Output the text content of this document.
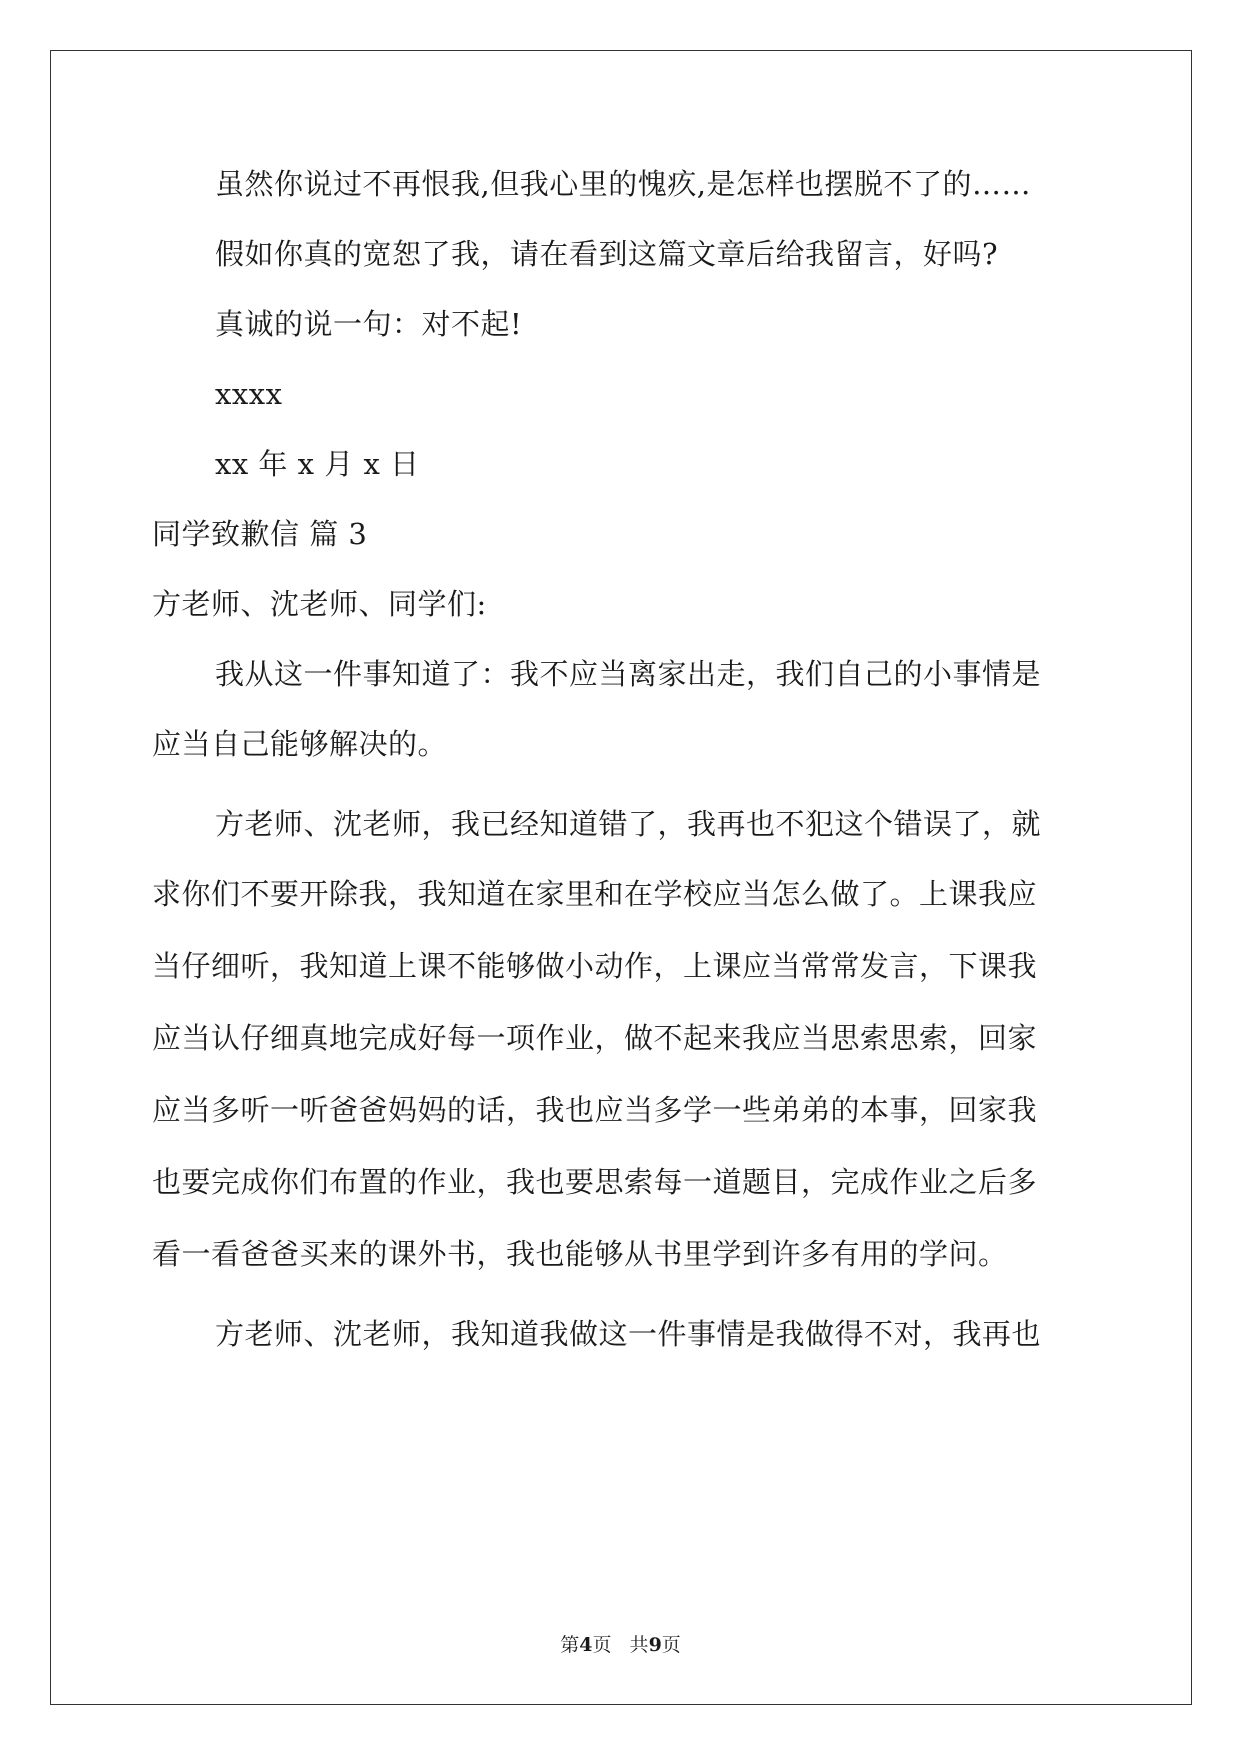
虽然你说过不再恨我,但我心里的愧疚,是怎样也摆脱不了的……
假如你真的宽恕了我，请在看到这篇文章后给我留言，好吗?
真诚的说一句：对不起!
xxxx
xx 年 x 月 x 日
同学致歉信 篇 3
方老师、沈老师、同学们:
我从这一件事知道了：我不应当离家出走，我们自己的小事情是
应当自己能够解决的。
方老师、沈老师，我已经知道错了，我再也不犯这个错误了，就
求你们不要开除我，我知道在家里和在学校应当怎么做了。上课我应
当仔细听，我知道上课不能够做小动作，上课应当常常发言，下课我
应当认仔细真地完成好每一项作业，做不起来我应当思索思索，回家
应当多听一听爸爸妈妈的话，我也应当多学一些弟弟的本事，回家我
也要完成你们布置的作业，我也要思索每一道题目，完成作业之后多
看一看爸爸买来的课外书，我也能够从书里学到许多有用的学问。
方老师、沈老师，我知道我做这一件事情是我做得不对，我再也
第4页   共9页
